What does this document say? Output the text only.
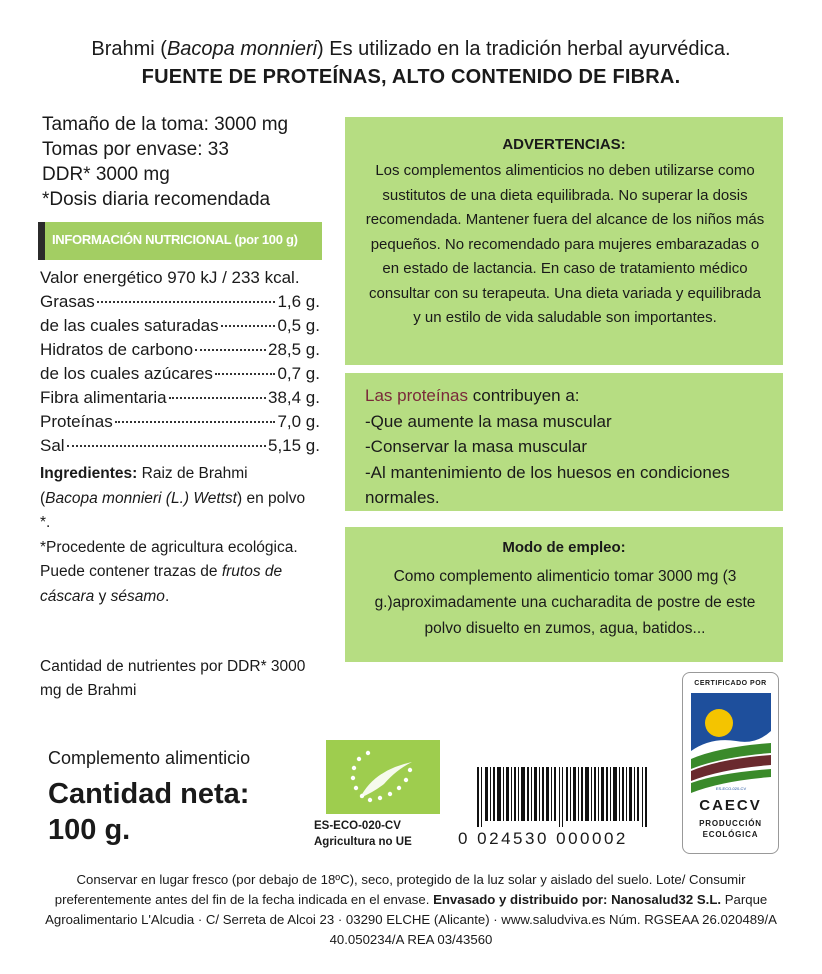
Brahmi (Bacopa monnieri) Es utilizado en la tradición herbal ayurvédica.
FUENTE DE PROTEÍNAS, ALTO CONTENIDO DE FIBRA.
Tamaño de la toma: 3000 mg
Tomas por envase: 33
DDR* 3000 mg
*Dosis diaria recomendada
INFORMACIÓN NUTRICIONAL (por 100 g)
Valor energético 970 kJ / 233 kcal.
Grasas	1,6 g.
de las cuales saturadas	0,5 g.
Hidratos de carbono	28,5 g.
de los cuales azúcares	0,7 g.
Fibra alimentaria	38,4 g.
Proteínas	7,0 g.
Sal	5,15 g.
Ingredientes: Raiz de Brahmi (Bacopa monnieri (L.) Wettst) en polvo *.
*Procedente de agricultura ecológica.
Puede contener trazas de frutos de cáscara y sésamo.
Cantidad de nutrientes por DDR* 3000 mg de Brahmi
ADVERTENCIAS:
Los complementos alimenticios no deben utilizarse como sustitutos de una dieta equilibrada. No superar la dosis recomendada. Mantener fuera del alcance de los niños más pequeños. No recomendado para mujeres embarazadas o en estado de lactancia. En caso de tratamiento médico consultar con su terapeuta. Una dieta variada y equilibrada y un estilo de vida saludable son importantes.
Las proteínas contribuyen a:
-Que aumente la masa muscular
-Conservar la masa muscular
-Al mantenimiento de los huesos en condiciones normales.
Modo de empleo:
Como complemento alimenticio tomar 3000 mg (3 g.)aproximadamente una cucharadita de postre de este polvo disuelto en zumos, agua, batidos...
Complemento alimenticio
Cantidad neta:
100 g.	ES-ECO-020-CV
Agricultura no UE	0 024530 000002
CERTIFICADO POR
ES-ECO-020-CV
CAECV
PRODUCCIÓN
ECOLÓGICA
Conservar en lugar fresco (por debajo de 18ºC), seco, protegido de la luz solar y aislado del suelo. Lote/ Consumir preferentemente antes del fin de la fecha indicada en el envase. Envasado y distribuido por: Nanosalud32 S.L. Parque Agroalimentario L'Alcudia · C/ Serreta de Alcoi 23 · 03290 ELCHE (Alicante) · www.saludviva.es Núm. RGSEAA 26.020489/A 40.050234/A REA 03/43560
